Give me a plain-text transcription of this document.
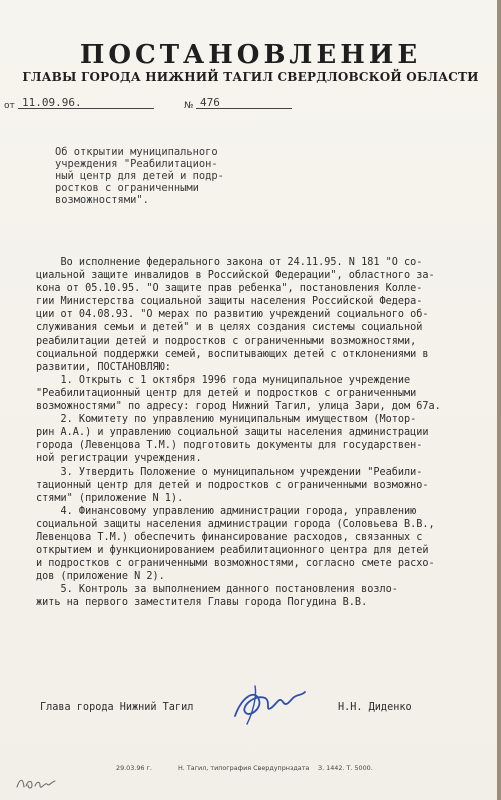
ПОСТАНОВЛЕНИЕ
ГЛАВЫ ГОРОДА НИЖНИЙ ТАГИЛ СВЕРДЛОВСКОЙ ОБЛАСТИ
от 11.09.96.	№ 476
Об открытии муниципального
учреждения "Реабилитацион-
ный центр для детей и подр-
ростков с ограниченными
возможностями".
Во исполнение федерального закона от 24.11.95. N 181 "О со-
циальной защите инвалидов в Российской Федерации", областного за-
кона от 05.10.95. "О защите прав ребенка", постановления Колле-
гии Министерства социальной защиты населения Российской Федера-
ции от 04.08.93. "О мерах по развитию учреждений социального об-
служивания семьи и детей" и в целях создания системы социальной
реабилитации детей и подростков с ограниченными возможностями,
социальной поддержки семей, воспитывающих детей с отклонениями в
развитии, ПОСТАНОВЛЯЮ:
1. Открыть с 1 октября 1996 года муниципальное учреждение
"Реабилитационный центр для детей и подростков с ограниченными
возможностями" по адресу: город Нижний Тагил, улица Зари, дом 67а.
2. Комитету по управлению муниципальным имуществом (Мотор-
рин А.А.) и управлению социальной защиты населения администрации
города (Левенцова Т.М.) подготовить документы для государствен-
ной регистрации учреждения.
3. Утвердить Положение о муниципальном учреждении "Реабили-
тационный центр для детей и подростков с ограниченными возможно-
стями" (приложение N 1).
4. Финансовому управлению администрации города, управлению
социальной защиты населения администрации города (Соловьева В.В.,
Левенцова Т.М.) обеспечить финансирование расходов, связанных с
открытием и функционированием реабилитационного центра для детей
и подростков с ограниченными возможностями, согласно смете расхо-
дов (приложение N 2).
5. Контроль за выполнением данного постановления возло-
жить на первого заместителя Главы города Погудина В.В.
Глава города Нижний Тагил	Н.Н. Диденко
29.03.96 г.	Н. Тагил, типография Свердупрнздата З. 1442. Т. 5000.
